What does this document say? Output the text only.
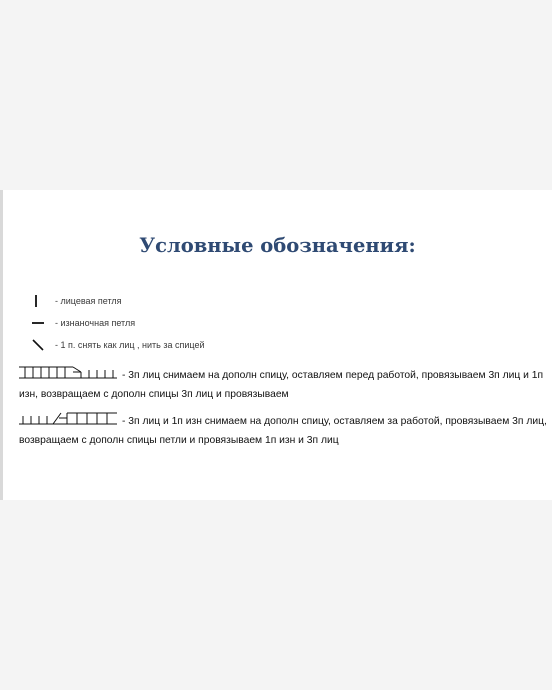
Условные обозначения:
- лицевая петля
- изнаночная петля
- 1 п. снять как лиц , нить за спицей
- 3п лиц снимаем на дополн спицу, оставляем перед работой, провязываем 3п лиц и 1п изн, возвращаем с дополн спицы 3п лиц и провязываем
- 3п лиц и 1п изн снимаем на дополн спицу, оставляем за работой, провязываем 3п лиц, возвращаем с дополн спицы петли и провязываем 1п изн и 3п лиц
